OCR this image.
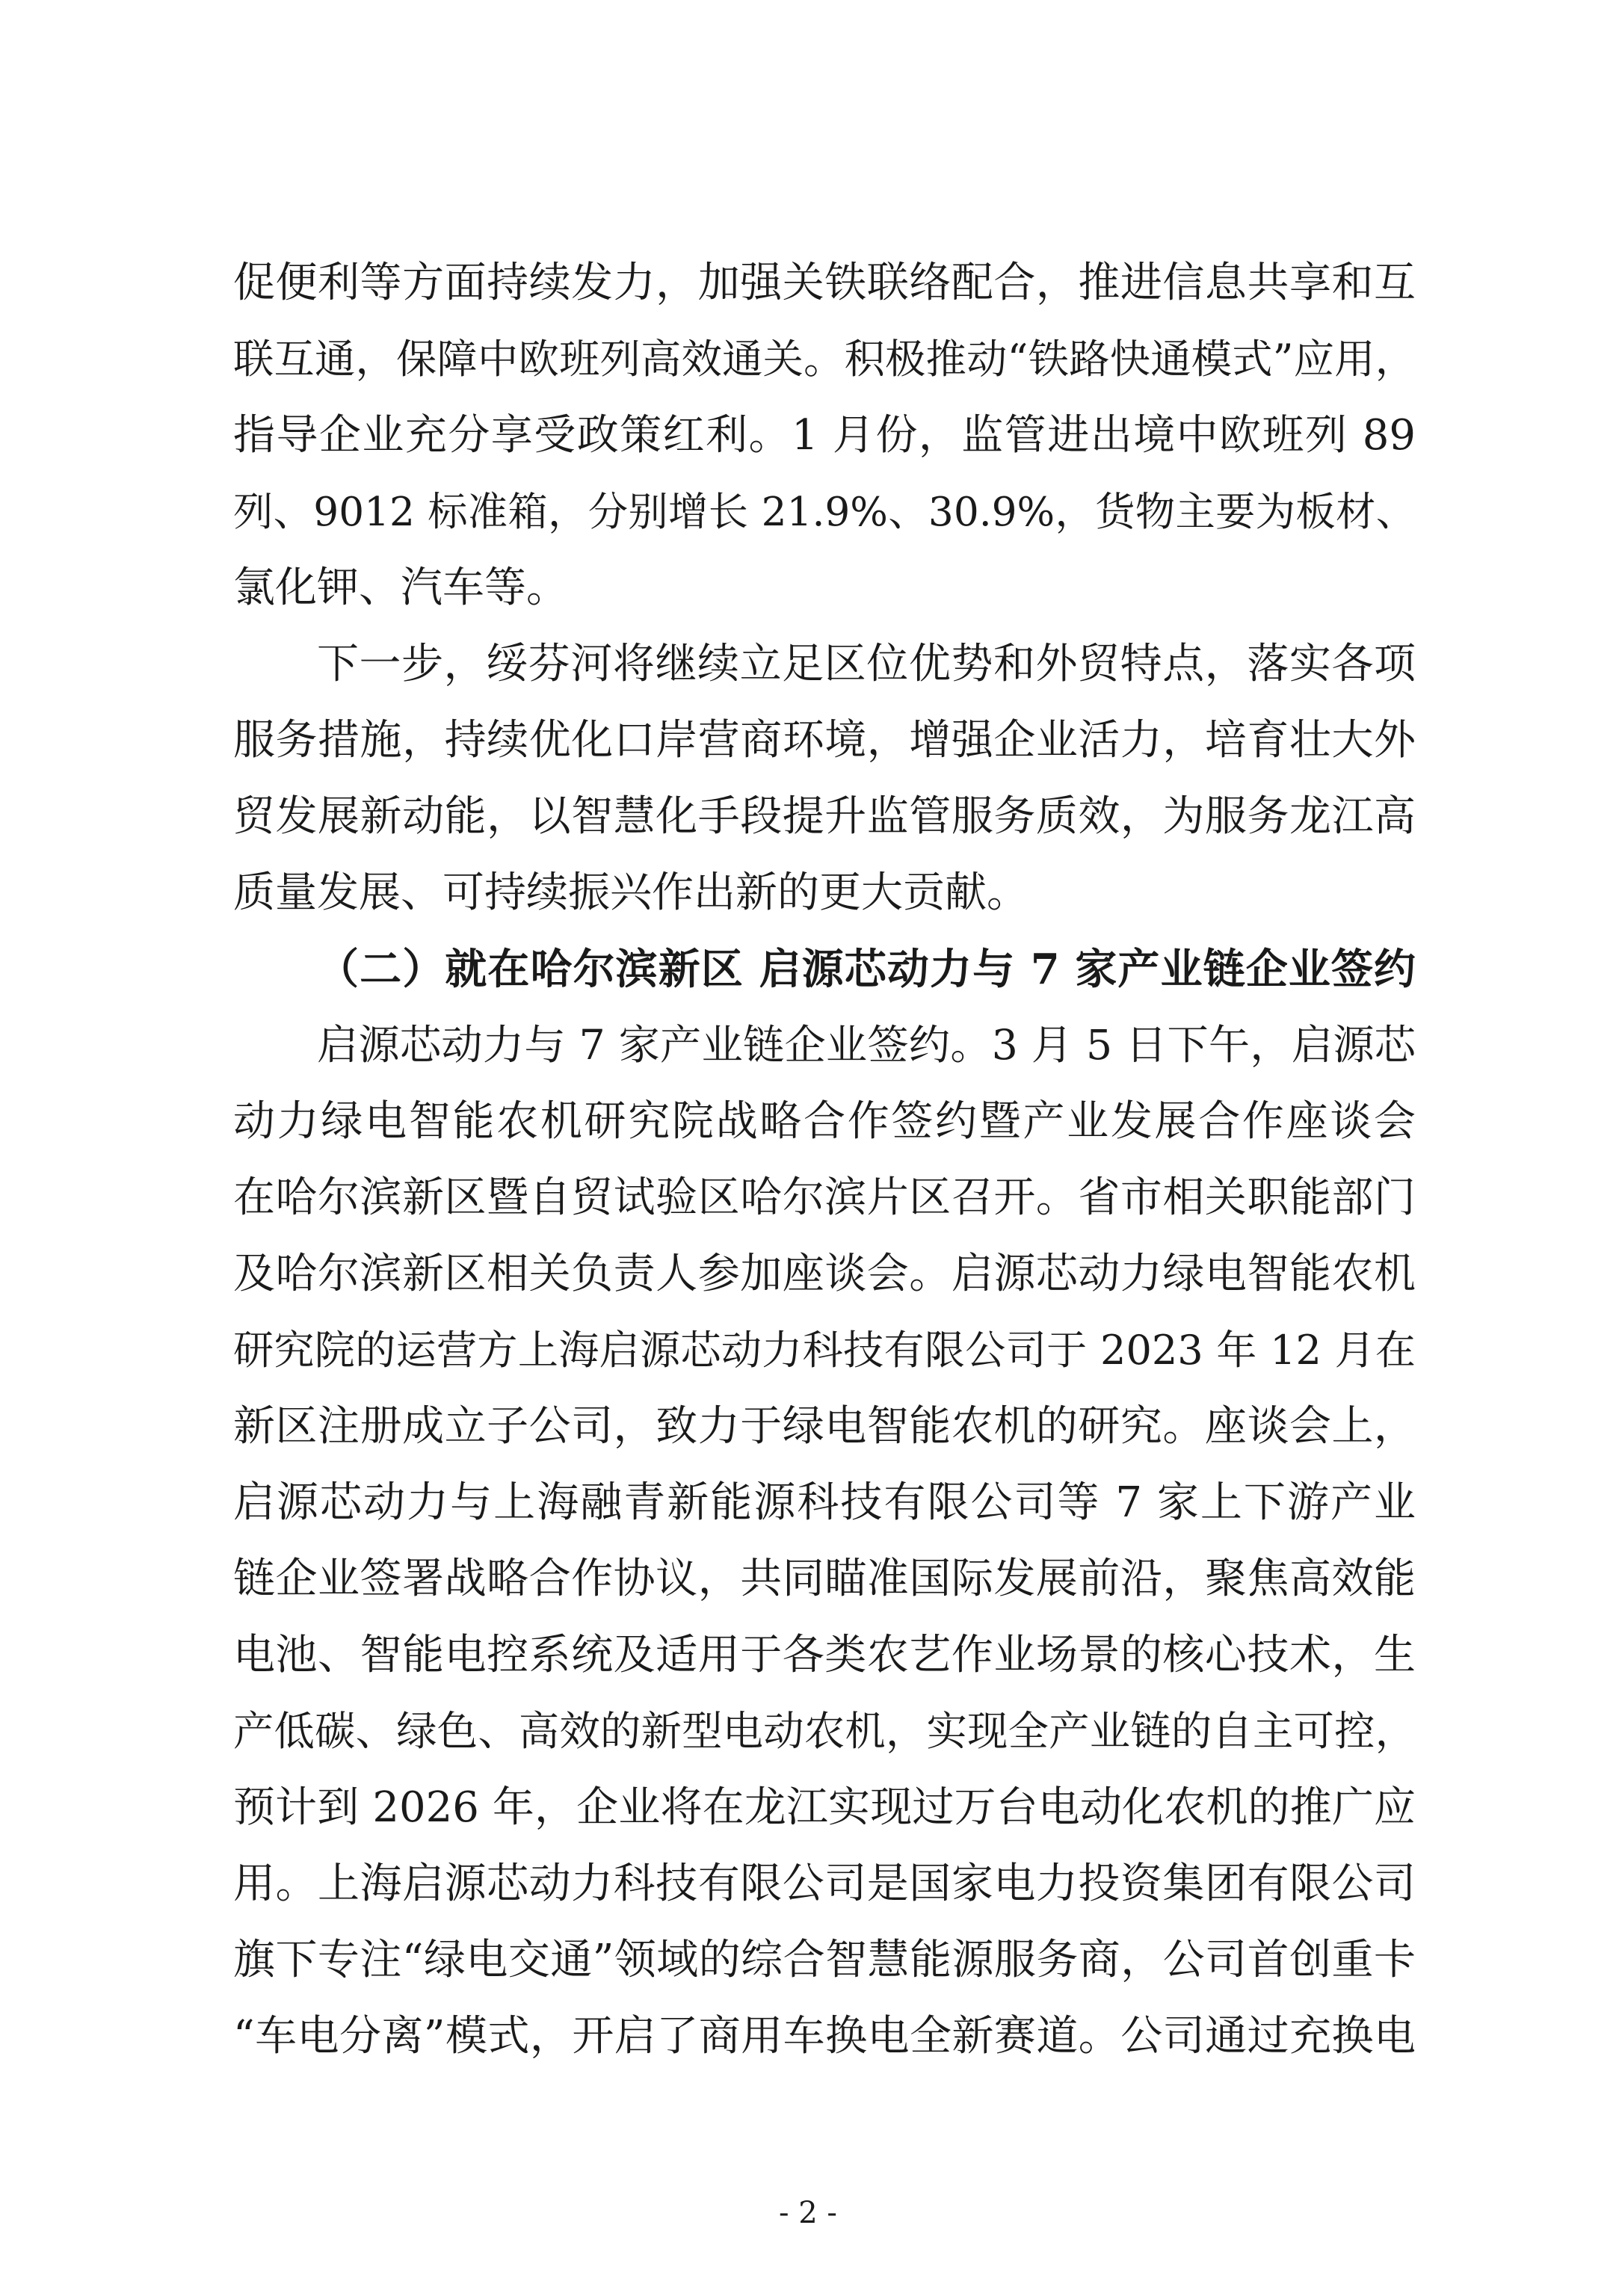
促便利等方面持续发力，加强关铁联络配合，推进信息共享和互
联互通，保障中欧班列高效通关。积极推动“铁路快通模式”应用，
指导企业充分享受政策红利。1 月份，监管进出境中欧班列 89
列、9012 标准箱，分别增长 21.9%、30.9%，货物主要为板材、
氯化钾、汽车等。
下一步，绥芬河将继续立足区位优势和外贸特点，落实各项
服务措施，持续优化口岸营商环境，增强企业活力，培育壮大外
贸发展新动能，以智慧化手段提升监管服务质效，为服务龙江高
质量发展、可持续振兴作出新的更大贡献。
（二）就在哈尔滨新区 启源芯动力与 7 家产业链企业签约
启源芯动力与 7 家产业链企业签约。3 月 5 日下午，启源芯
动力绿电智能农机研究院战略合作签约暨产业发展合作座谈会
在哈尔滨新区暨自贸试验区哈尔滨片区召开。省市相关职能部门
及哈尔滨新区相关负责人参加座谈会。启源芯动力绿电智能农机
研究院的运营方上海启源芯动力科技有限公司于 2023 年 12 月在
新区注册成立子公司，致力于绿电智能农机的研究。座谈会上，
启源芯动力与上海融青新能源科技有限公司等 7 家上下游产业
链企业签署战略合作协议，共同瞄准国际发展前沿，聚焦高效能
电池、智能电控系统及适用于各类农艺作业场景的核心技术，生
产低碳、绿色、高效的新型电动农机，实现全产业链的自主可控，
预计到 2026 年，企业将在龙江实现过万台电动化农机的推广应
用。上海启源芯动力科技有限公司是国家电力投资集团有限公司
旗下专注“绿电交通”领域的综合智慧能源服务商，公司首创重卡
“车电分离”模式，开启了商用车换电全新赛道。公司通过充换电
- 2 -
